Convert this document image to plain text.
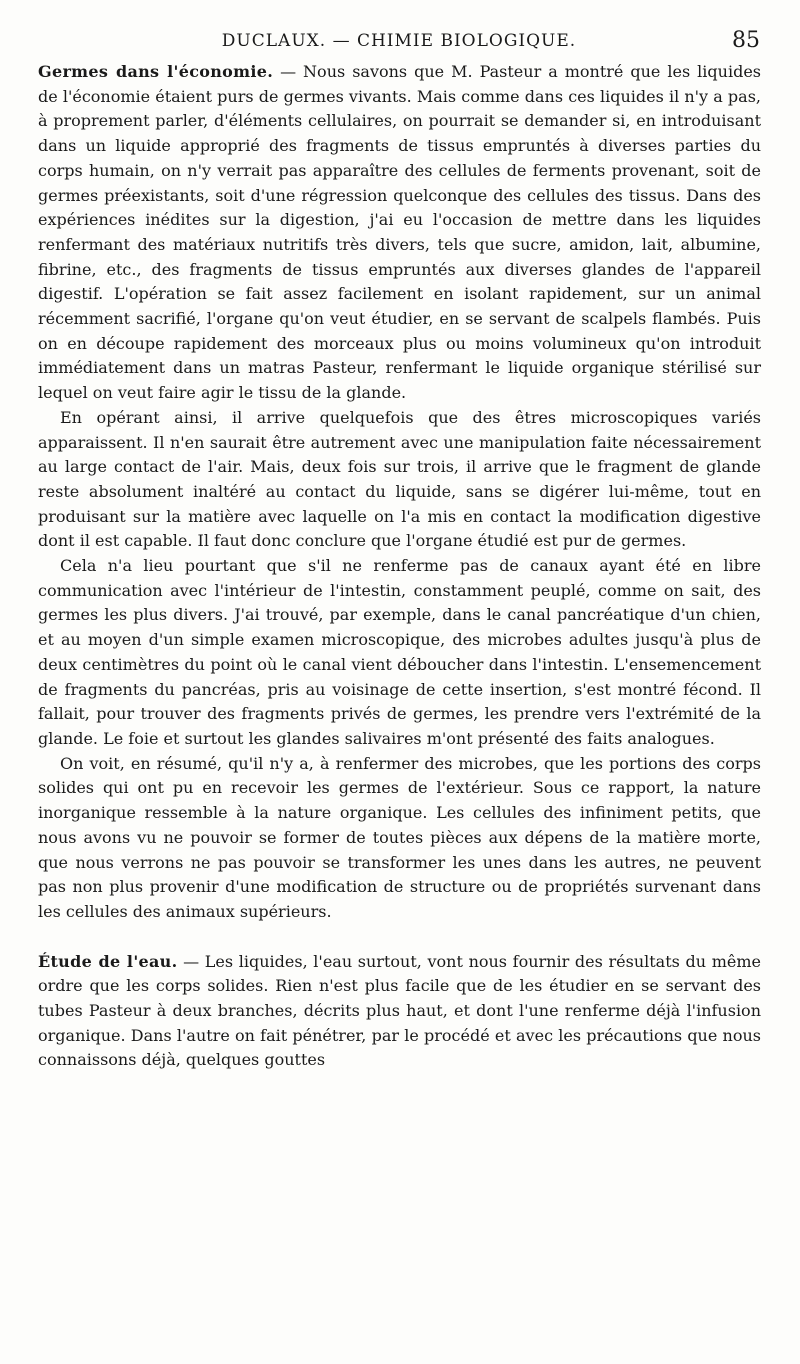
DUCLAUX. — CHIMIE BIOLOGIQUE.	85

Germes dans l'économie. — Nous savons que M. Pasteur a montré que les liquides de l'économie étaient purs de germes vivants. Mais comme dans ces liquides il n'y a pas, à proprement parler, d'éléments cellulaires, on pourrait se demander si, en introduisant dans un liquide approprié des fragments de tissus empruntés à diverses parties du corps humain, on n'y verrait pas apparaître des cellules de ferments provenant, soit de germes préexistants, soit d'une régression quelconque des cellules des tissus. Dans des expériences inédites sur la digestion, j'ai eu l'occasion de mettre dans les liquides renfermant des matériaux nutritifs très divers, tels que sucre, amidon, lait, albumine, fibrine, etc., des fragments de tissus empruntés aux diverses glandes de l'appareil digestif. L'opération se fait assez facilement en isolant rapidement, sur un animal récemment sacrifié, l'organe qu'on veut étudier, en se servant de scalpels flambés. Puis on en découpe rapidement des morceaux plus ou moins volumineux qu'on introduit immédiatement dans un matras Pasteur, renfermant le liquide organique stérilisé sur lequel on veut faire agir le tissu de la glande.

En opérant ainsi, il arrive quelquefois que des êtres microscopiques variés apparaissent. Il n'en saurait être autrement avec une manipulation faite nécessairement au large contact de l'air. Mais, deux fois sur trois, il arrive que le fragment de glande reste absolument inaltéré au contact du liquide, sans se digérer lui-même, tout en produisant sur la matière avec laquelle on l'a mis en contact la modification digestive dont il est capable. Il faut donc conclure que l'organe étudié est pur de germes.

Cela n'a lieu pourtant que s'il ne renferme pas de canaux ayant été en libre communication avec l'intérieur de l'intestin, constamment peuplé, comme on sait, des germes les plus divers. J'ai trouvé, par exemple, dans le canal pancréatique d'un chien, et au moyen d'un simple examen microscopique, des microbes adultes jusqu'à plus de deux centimètres du point où le canal vient déboucher dans l'intestin. L'ensemencement de fragments du pancréas, pris au voisinage de cette insertion, s'est montré fécond. Il fallait, pour trouver des fragments privés de germes, les prendre vers l'extrémité de la glande. Le foie et surtout les glandes salivaires m'ont présenté des faits analogues.

On voit, en résumé, qu'il n'y a, à renfermer des microbes, que les portions des corps solides qui ont pu en recevoir les germes de l'extérieur. Sous ce rapport, la nature inorganique ressemble à la nature organique. Les cellules des infiniment petits, que nous avons vu ne pouvoir se former de toutes pièces aux dépens de la matière morte, que nous verrons ne pas pouvoir se transformer les unes dans les autres, ne peuvent pas non plus provenir d'une modification de structure ou de propriétés survenant dans les cellules des animaux supérieurs.

Étude de l'eau. — Les liquides, l'eau surtout, vont nous fournir des résultats du même ordre que les corps solides. Rien n'est plus facile que de les étudier en se servant des tubes Pasteur à deux branches, décrits plus haut, et dont l'une renferme déjà l'infusion organique. Dans l'autre on fait pénétrer, par le procédé et avec les précautions que nous connaissons déjà, quelques gouttes
